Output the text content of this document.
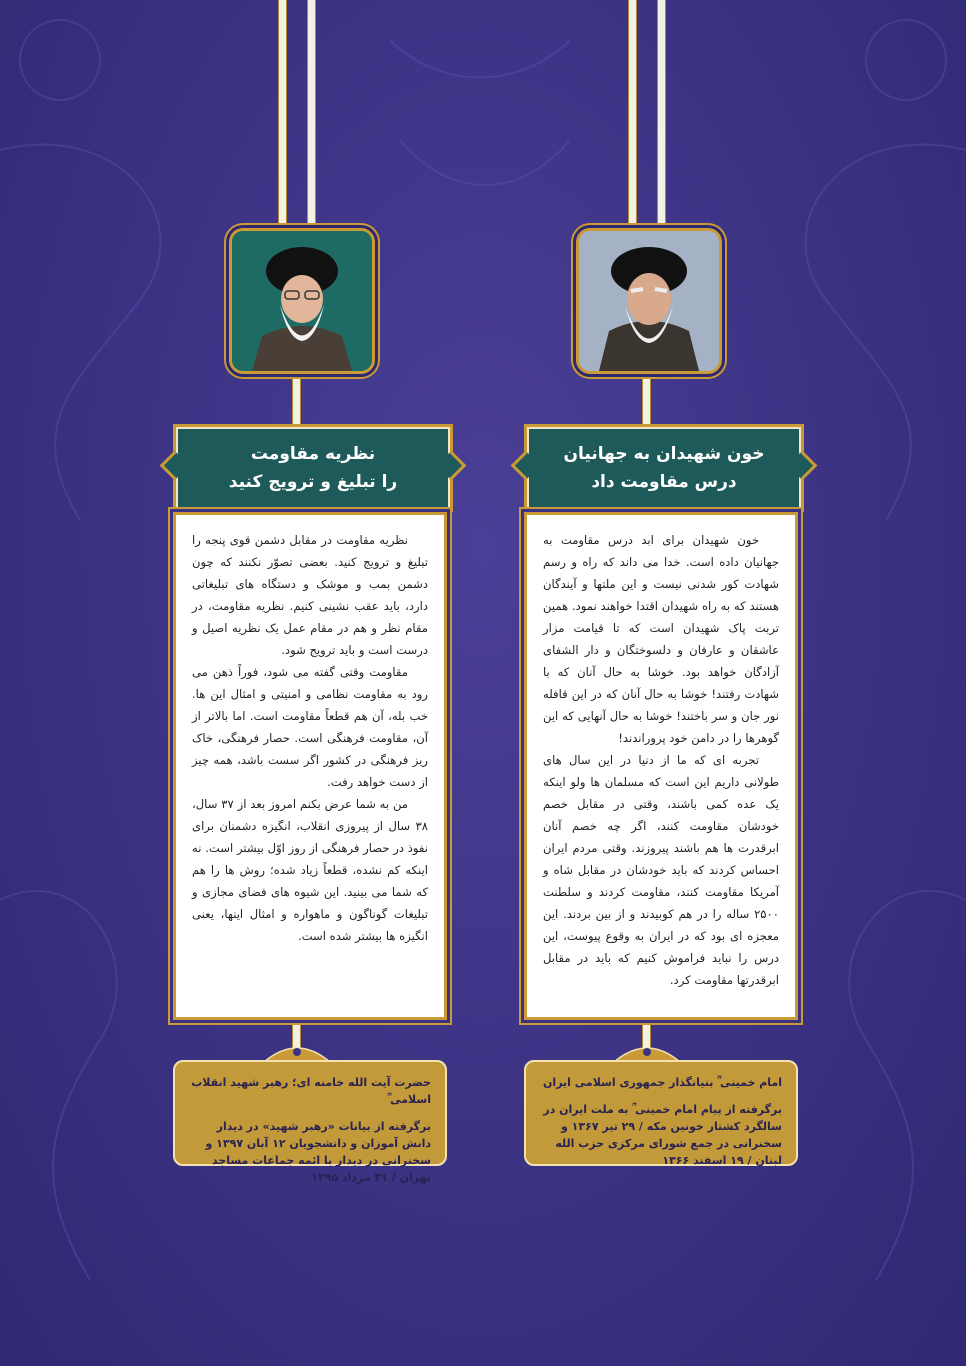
خون شهیدان به جهانیان
درس مقاومت داد
نظریه مقاومت
را تبلیغ و ترویج کنید

خون شهیدان برای ابد درس مقاومت به جهانیان داده است. خدا می داند که راه و رسم شهادت کور شدنی نیست و این ملتها و آیندگان هستند که به راه شهیدان اقتدا خواهند نمود. همین تربت پاک شهیدان است که تا قیامت مزار عاشقان و عارفان و دلسوختگان و دار الشفای آزادگان خواهد بود. خوشا به حال آنان که با شهادت رفتند! خوشا به حال آنان که در این قافله نور جان و سر باختند! خوشا به حال آنهایی که این گوهرها را در دامن خود پروراندند!

تجربه ای که ما از دنیا در این سال های طولانی داریم این است که مسلمان ها ولو اینکه یک عده کمی باشند، وقتی در مقابل خصم خودشان مقاومت کنند، اگر چه خصم آنان ابرقدرت ها هم باشند پیروزند. وقتی مردم ایران احساس کردند که باید خودشان در مقابل شاه و آمریکا مقاومت کنند، مقاومت کردند و سلطنت ۲۵۰۰ ساله را در هم کوبیدند و از بین بردند. این معجزه ای بود که در ایران به وقوع پیوست، این درس را نباید فراموش کنیم که باید در مقابل ابرقدرتها مقاومت کرد.

نظریه مقاومت در مقابل دشمن قوی پنجه را تبلیغ و ترویج کنید. بعضی تصوّر نکنند که چون دشمن بمب و موشک و دستگاه های تبلیغاتی دارد، باید عقب نشینی کنیم. نظریه مقاومت، در مقام نظر و هم در مقام عمل یک نظریه اصیل و درست است و باید ترویج شود.

مقاومت وقتی گفته می شود، فوراً ذهن می رود به مقاومت نظامی و امنیتی و امثال این ها. خب بله، آن هم قطعاً مقاومت است. اما بالاتر از آن، مقاومت فرهنگی است. حصار فرهنگی، خاک ریز فرهنگی در کشور اگر سست باشد، همه چیز از دست خواهد رفت.

من به شما عرض بکنم امروز بعد از ۳۷ سال، ۳۸ سال از پیروزی انقلاب، انگیزه دشمنان برای نفوذ در حصار فرهنگی از روز اوّل بیشتر است. نه اینکه کم نشده، قطعاً زیاد شده؛ روش ها را هم که شما می بینید. این شیوه های فضای مجازی و تبلیغات گوناگون و ماهواره و امثال اینها، یعنی انگیزه ها بیشتر شده است.

امام خمینی ؒ بنیانگذار جمهوری اسلامی ایران
برگرفته از پیام امام خمینی ؒ به ملت ایران در سالگرد کشتار خونین مکه / ۲۹ تیر ۱۳۶۷ و سخنرانی در جمع شورای مرکزی حزب الله لبنان / ۱۹ اسفند ۱۳۶۶
حضرت آیت الله خامنه ای؛ رهبر شهید انقلاب اسلامی ؒ
برگرفته از بیانات «رهبر شهید» در دیدار دانش آموزان و دانشجویان ۱۲ آبان ۱۳۹۷ و سخنرانی در دیدار با ائمه جماعات مساجد تهران / ۳۱ مرداد ۱۳۹۵
